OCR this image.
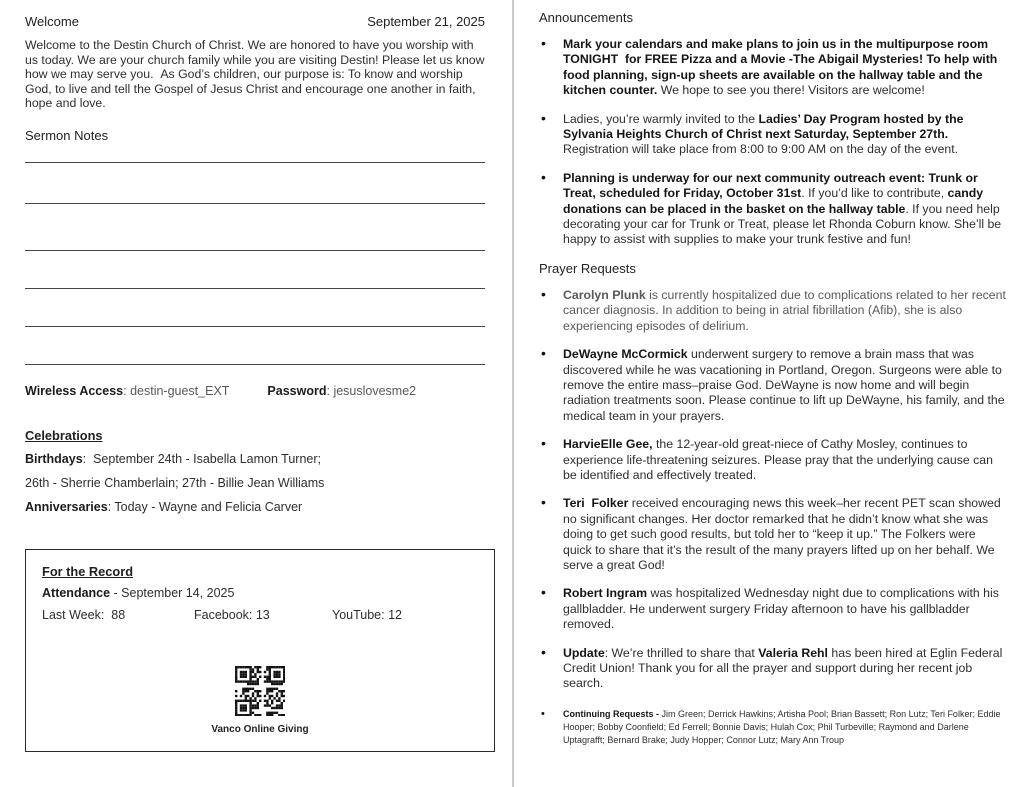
Welcome	September 21, 2025
Welcome to the Destin Church of Christ. We are honored to have you worship with us today. We are your church family while you are visiting Destin! Please let us know how we may serve you.  As God’s children, our purpose is: To know and worship God, to live and tell the Gospel of Jesus Christ and encourage one another in faith, hope and love.
Sermon Notes
Wireless Access: destin-guest_EXT	Password: jesuslovesme2
Celebrations
Birthdays:  September 24th - Isabella Lamon Turner;
26th - Sherrie Chamberlain; 27th - Billie Jean Williams
Anniversaries: Today - Wayne and Felicia Carver
For the Record
Attendance - September 14, 2025
Last Week:  88	Facebook: 13	YouTube: 12
Vanco Online Giving
Announcements
• Mark your calendars and make plans to join us in the multipurpose room TONIGHT  for FREE Pizza and a Movie -The Abigail Mysteries! To help with food planning, sign-up sheets are available on the hallway table and the kitchen counter. We hope to see you there! Visitors are welcome!
• Ladies, you’re warmly invited to the Ladies’ Day Program hosted by the Sylvania Heights Church of Christ next Saturday, September 27th. Registration will take place from 8:00 to 9:00 AM on the day of the event.
• Planning is underway for our next community outreach event: Trunk or Treat, scheduled for Friday, October 31st. If you’d like to contribute, candy donations can be placed in the basket on the hallway table. If you need help decorating your car for Trunk or Treat, please let Rhonda Coburn know. She’ll be happy to assist with supplies to make your trunk festive and fun!
Prayer Requests
• Carolyn Plunk is currently hospitalized due to complications related to her recent cancer diagnosis. In addition to being in atrial fibrillation (Afib), she is also experiencing episodes of delirium.
• DeWayne McCormick underwent surgery to remove a brain mass that was discovered while he was vacationing in Portland, Oregon. Surgeons were able to remove the entire mass–praise God. DeWayne is now home and will begin radiation treatments soon. Please continue to lift up DeWayne, his family, and the medical team in your prayers.
• HarvieElle Gee, the 12-year-old great-niece of Cathy Mosley, continues to experience life-threatening seizures. Please pray that the underlying cause can be identified and effectively treated.
• Teri  Folker received encouraging news this week–her recent PET scan showed no significant changes. Her doctor remarked that he didn’t know what she was doing to get such good results, but told her to “keep it up.” The Folkers were quick to share that it’s the result of the many prayers lifted up on her behalf. We serve a great God!
• Robert Ingram was hospitalized Wednesday night due to complications with his gallbladder. He underwent surgery Friday afternoon to have his gallbladder removed.
• Update: We’re thrilled to share that Valeria Rehl has been hired at Eglin Federal Credit Union! Thank you for all the prayer and support during her recent job search.
• Continuing Requests - Jim Green; Derrick Hawkins; Artisha Pool; Brian Bassett; Ron Lutz; Teri Folker; Eddie Hooper; Bobby Coonfield; Ed Ferrell; Bonnie Davis; Hulah Cox; Phil Turbeville; Raymond and Darlene Uptagrafft; Bernard Brake; Judy Hopper; Connor Lutz; Mary Ann Troup
